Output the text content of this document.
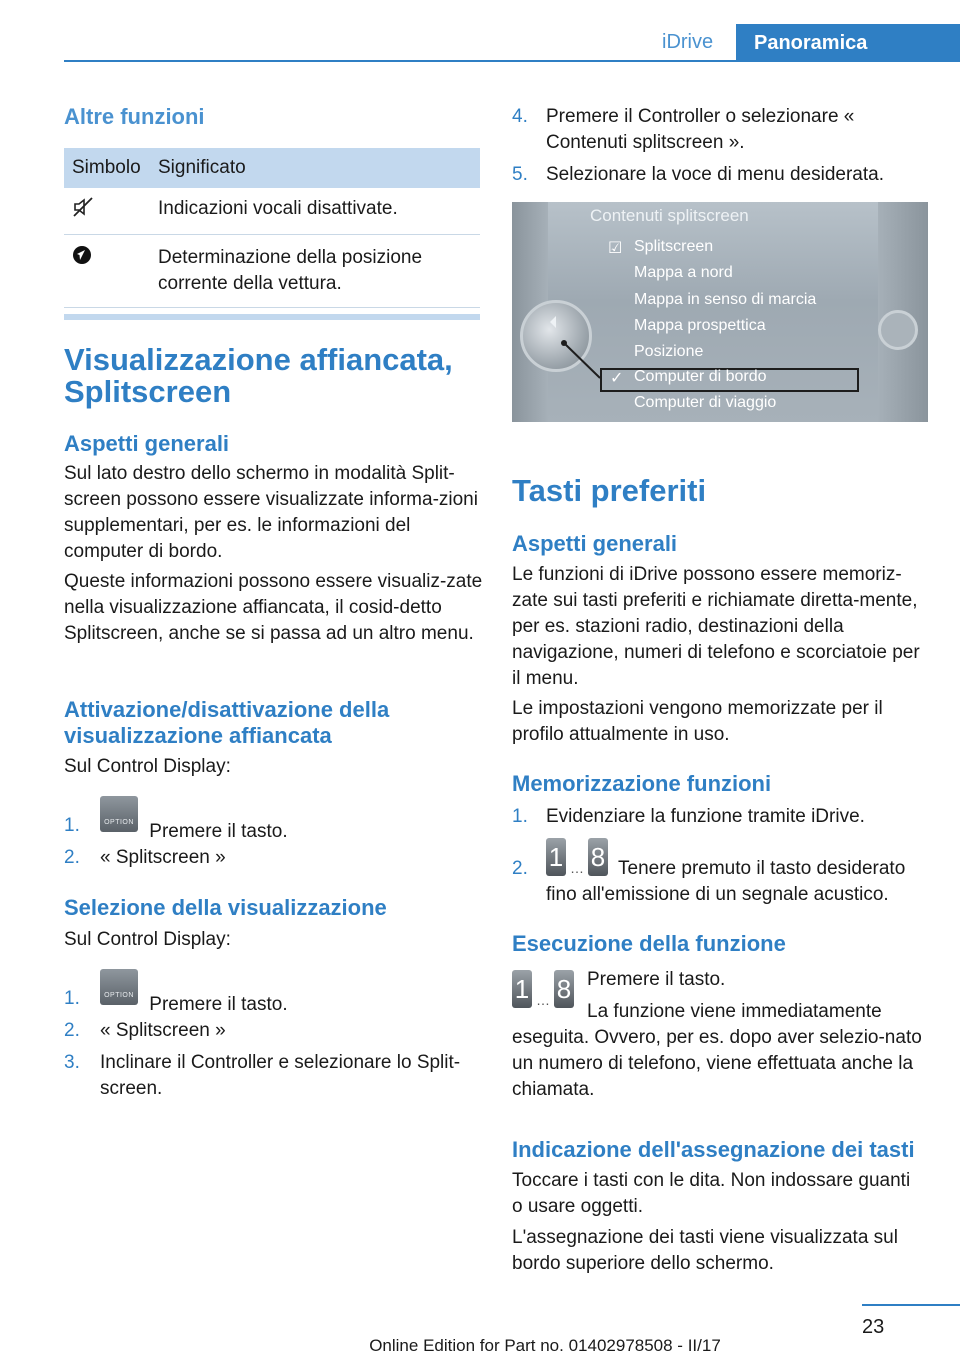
iDrive	Panoramica
Altre funzioni
Simbolo Significato
Indicazioni vocali disattivate.
Determinazione della posizione corrente della vettura.
Visualizzazione affiancata, Splitscreen
Aspetti generali
Sul lato destro dello schermo in modalità Split-screen possono essere visualizzate informa-zioni supplementari, per es. le informazioni del computer di bordo.
Queste informazioni possono essere visualiz-zate nella visualizzazione affiancata, il cosid-detto Splitscreen, anche se si passa ad un altro menu.
Attivazione/disattivazione della visualizzazione affiancata
Sul Control Display:
1.	OPTION Premere il tasto.
2. « Splitscreen »
Selezione della visualizzazione
Sul Control Display:
1.	OPTION Premere il tasto.
2. « Splitscreen »
3. Inclinare il Controller e selezionare lo Split-screen.
4. Premere il Controller o selezionare « Contenuti splitscreen ».
5. Selezionare la voce di menu desiderata.
Contenuti splitscreen
☑ Splitscreen
Mappa a nord
Mappa in senso di marcia
Mappa prospettica
Posizione
✓ Computer di bordo
Computer di viaggio
Tasti preferiti
Aspetti generali
Le funzioni di iDrive possono essere memoriz-zate sui tasti preferiti e richiamate diretta-mente, per es. stazioni radio, destinazioni della navigazione, numeri di telefono e scorciatoie per il menu.
Le impostazioni vengono memorizzate per il profilo attualmente in uso.
Memorizzazione funzioni
1. Evidenziare la funzione tramite iDrive.
2. 1 … 8 Tenere premuto il tasto desiderato fino all'emissione di un segnale acustico.
Esecuzione della funzione
1 … 8 Premere il tasto.
La funzione viene immediatamente eseguita. Ovvero, per es. dopo aver selezio-nato un numero di telefono, viene effettuata anche la chiamata.
Indicazione dell'assegnazione dei tasti
Toccare i tasti con le dita. Non indossare guanti o usare oggetti.
L'assegnazione dei tasti viene visualizzata sul bordo superiore dello schermo.
23
Online Edition for Part no. 01402978508 - II/17
